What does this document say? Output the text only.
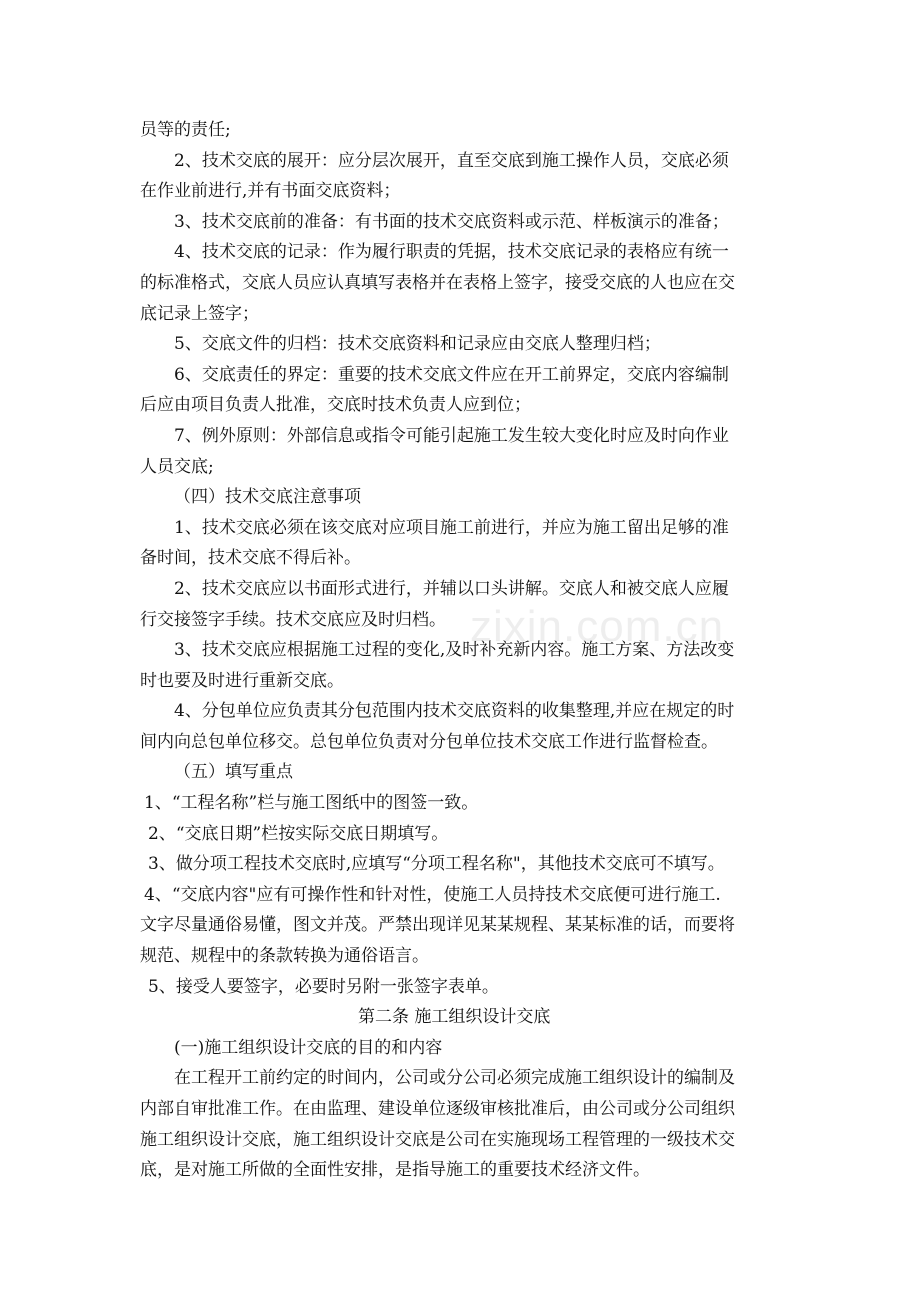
员等的责任;
2、技术交底的展开：应分层次展开，直至交底到施工操作人员，交底必须
在作业前进行,并有书面交底资料；
3、技术交底前的准备：有书面的技术交底资料或示范、样板演示的准备；
4、技术交底的记录：作为履行职责的凭据，技术交底记录的表格应有统一
的标准格式，交底人员应认真填写表格并在表格上签字，接受交底的人也应在交
底记录上签字；
5、交底文件的归档：技术交底资料和记录应由交底人整理归档；
6、交底责任的界定：重要的技术交底文件应在开工前界定，交底内容编制
后应由项目负责人批准，交底时技术负责人应到位；
7、例外原则：外部信息或指令可能引起施工发生较大变化时应及时向作业
人员交底;
（四）技术交底注意事项
1、技术交底必须在该交底对应项目施工前进行，并应为施工留出足够的准
备时间，技术交底不得后补。
2、技术交底应以书面形式进行，并辅以口头讲解。交底人和被交底人应履
行交接签字手续。技术交底应及时归档。
3、技术交底应根据施工过程的变化,及时补充新内容。施工方案、方法改变
时也要及时进行重新交底。
4、分包单位应负责其分包范围内技术交底资料的收集整理,并应在规定的时
间内向总包单位移交。总包单位负责对分包单位技术交底工作进行监督检查。
（五）填写重点
1、“工程名称”栏与施工图纸中的图签一致。
2、“交底日期”栏按实际交底日期填写。
3、做分项工程技术交底时,应填写“分项工程名称"，其他技术交底可不填写。
4、“交底内容"应有可操作性和针对性，使施工人员持技术交底便可进行施工.
文字尽量通俗易懂，图文并茂。严禁出现详见某某规程、某某标准的话，而要将
规范、规程中的条款转换为通俗语言。
5、接受人要签字，必要时另附一张签字表单。
第二条 施工组织设计交底
(一)施工组织设计交底的目的和内容
在工程开工前约定的时间内，公司或分公司必须完成施工组织设计的编制及
内部自审批准工作。在由监理、建设单位逐级审核批准后，由公司或分公司组织
施工组织设计交底，施工组织设计交底是公司在实施现场工程管理的一级技术交
底，是对施工所做的全面性安排，是指导施工的重要技术经济文件。
zixin.com.cn
